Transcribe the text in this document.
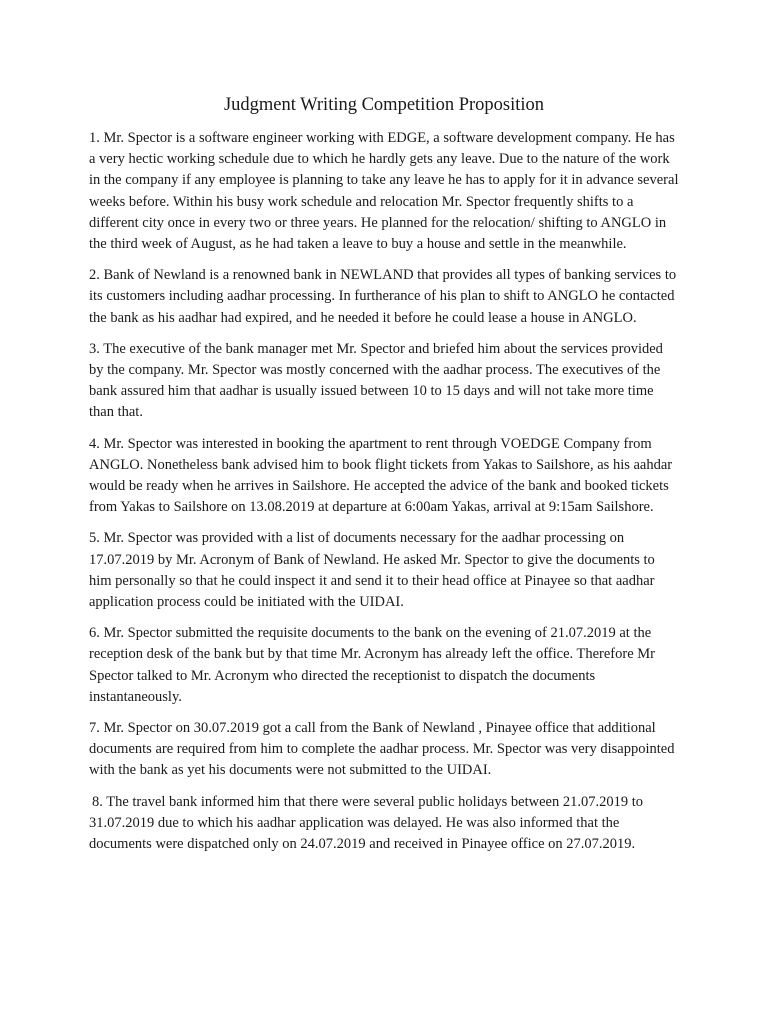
Judgment Writing Competition Proposition

1. Mr. Spector is a software engineer working with EDGE, a software development company. He has a very hectic working schedule due to which he hardly gets any leave. Due to the nature of the work in the company if any employee is planning to take any leave he has to apply for it in advance several weeks before. Within his busy work schedule and relocation Mr. Spector frequently shifts to a different city once in every two or three years. He planned for the relocation/ shifting to ANGLO in the third week of August, as he had taken a leave to buy a house and settle in the meanwhile.

2. Bank of Newland is a renowned bank in NEWLAND that provides all types of banking services to its customers including aadhar processing. In furtherance of his plan to shift to ANGLO he contacted the bank as his aadhar had expired, and he needed it before he could lease a house in ANGLO.

3. The executive of the bank manager met Mr. Spector and briefed him about the services provided by the company. Mr. Spector was mostly concerned with the aadhar process. The executives of the bank assured him that aadhar is usually issued between 10 to 15 days and will not take more time than that.

4. Mr. Spector was interested in booking the apartment to rent through VOEDGE Company from ANGLO. Nonetheless bank advised him to book flight tickets from Yakas to Sailshore, as his aahdar would be ready when he arrives in Sailshore. He accepted the advice of the bank and booked tickets from Yakas to Sailshore on 13.08.2019 at departure at 6:00am Yakas, arrival at 9:15am Sailshore.

5. Mr. Spector was provided with a list of documents necessary for the aadhar processing on 17.07.2019 by Mr. Acronym of Bank of Newland. He asked Mr. Spector to give the documents to him personally so that he could inspect it and send it to their head office at Pinayee so that aadhar application process could be initiated with the UIDAI.

6. Mr. Spector submitted the requisite documents to the bank on the evening of 21.07.2019 at the reception desk of the bank but by that time Mr. Acronym has already left the office. Therefore Mr Spector talked to Mr. Acronym who directed the receptionist to dispatch the documents instantaneously.

7. Mr. Spector on 30.07.2019 got a call from the Bank of Newland , Pinayee office that additional documents are required from him to complete the aadhar process. Mr. Spector was very disappointed with the bank as yet his documents were not submitted to the UIDAI.

8. The travel bank informed him that there were several public holidays between 21.07.2019 to 31.07.2019 due to which his aadhar application was delayed. He was also informed that the documents were dispatched only on 24.07.2019 and received in Pinayee office on 27.07.2019.
